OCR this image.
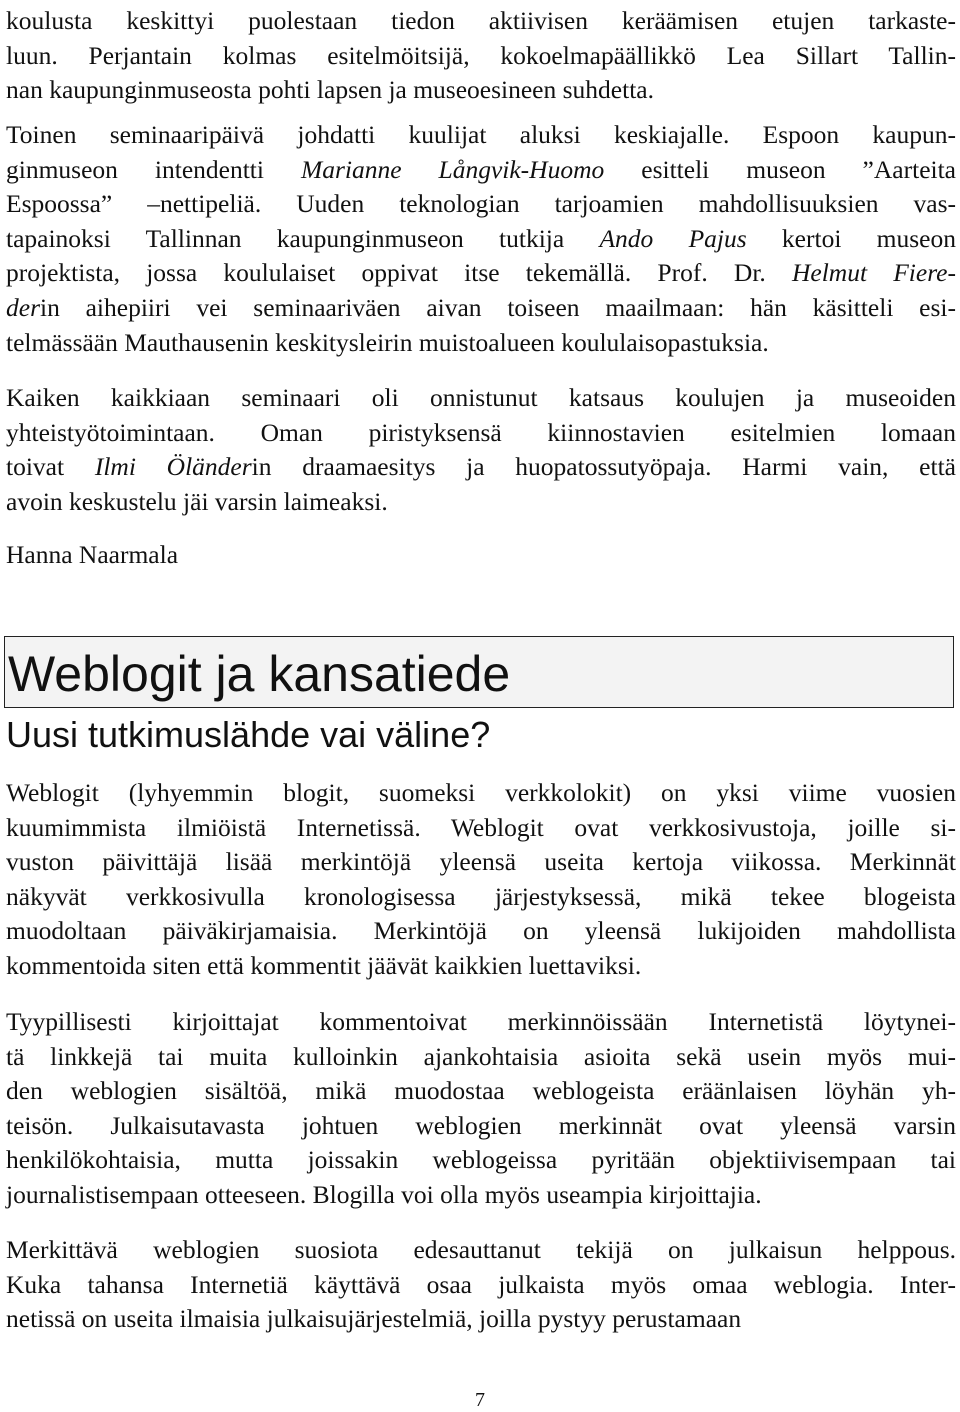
koulusta keskittyi puolestaan tiedon aktiivisen keräämisen etujen tarkaste-
luun. Perjantain kolmas esitelmöitsijä, kokoelmapäällikkö Lea Sillart Tallin-
nan kaupunginmuseosta pohti lapsen ja museoesineen suhdetta.
Toinen seminaaripäivä johdatti kuulijat aluksi keskiajalle. Espoon kaupun-
ginmuseon intendentti Marianne Långvik-Huomo esitteli museon ”Aarteita
Espoossa” –nettipeliä. Uuden teknologian tarjoamien mahdollisuuksien vas-
tapainoksi Tallinnan kaupunginmuseon tutkija Ando Pajus kertoi museon
projektista, jossa koululaiset oppivat itse tekemällä. Prof. Dr. Helmut Fiere-
derin aihepiiri vei seminaariväen aivan toiseen maailmaan: hän käsitteli esi-
telmässään Mauthausenin keskitysleirin muistoalueen koululaisopastuksia.
Kaiken kaikkiaan seminaari oli onnistunut katsaus koulujen ja museoiden
yhteistyötoimintaan. Oman piristyksensä kiinnostavien esitelmien lomaan
toivat Ilmi Öländerin draamaesitys ja huopatossutyöpaja. Harmi vain, että
avoin keskustelu jäi varsin laimeaksi.

Hanna Naarmala

Weblogit ja kansatiede
Uusi tutkimuslähde vai väline?
Weblogit (lyhyemmin blogit, suomeksi verkkolokit) on yksi viime vuosien
kuumimmista ilmiöistä Internetissä. Weblogit ovat verkkosivustoja, joille si-
vuston päivittäjä lisää merkintöjä yleensä useita kertoja viikossa. Merkinnät
näkyvät verkkosivulla kronologisessa järjestyksessä, mikä tekee blogeista
muodoltaan päiväkirjamaisia. Merkintöjä on yleensä lukijoiden mahdollista
kommentoida siten että kommentit jäävät kaikkien luettaviksi.
Tyypillisesti kirjoittajat kommentoivat merkinnöissään Internetistä löytynei-
tä linkkejä tai muita kulloinkin ajankohtaisia asioita sekä usein myös mui-
den weblogien sisältöä, mikä muodostaa weblogeista eräänlaisen löyhän yh-
teisön. Julkaisutavasta johtuen weblogien merkinnät ovat yleensä varsin
henkilökohtaisia, mutta joissakin weblogeissa pyritään objektiivisempaan tai
journalistisempaan otteeseen. Blogilla voi olla myös useampia kirjoittajia.
Merkittävä weblogien suosiota edesauttanut tekijä on julkaisun helppous.
Kuka tahansa Internetiä käyttävä osaa julkaista myös omaa weblogia. Inter-
netissä on useita ilmaisia julkaisujärjestelmiä, joilla pystyy perustamaan
7
